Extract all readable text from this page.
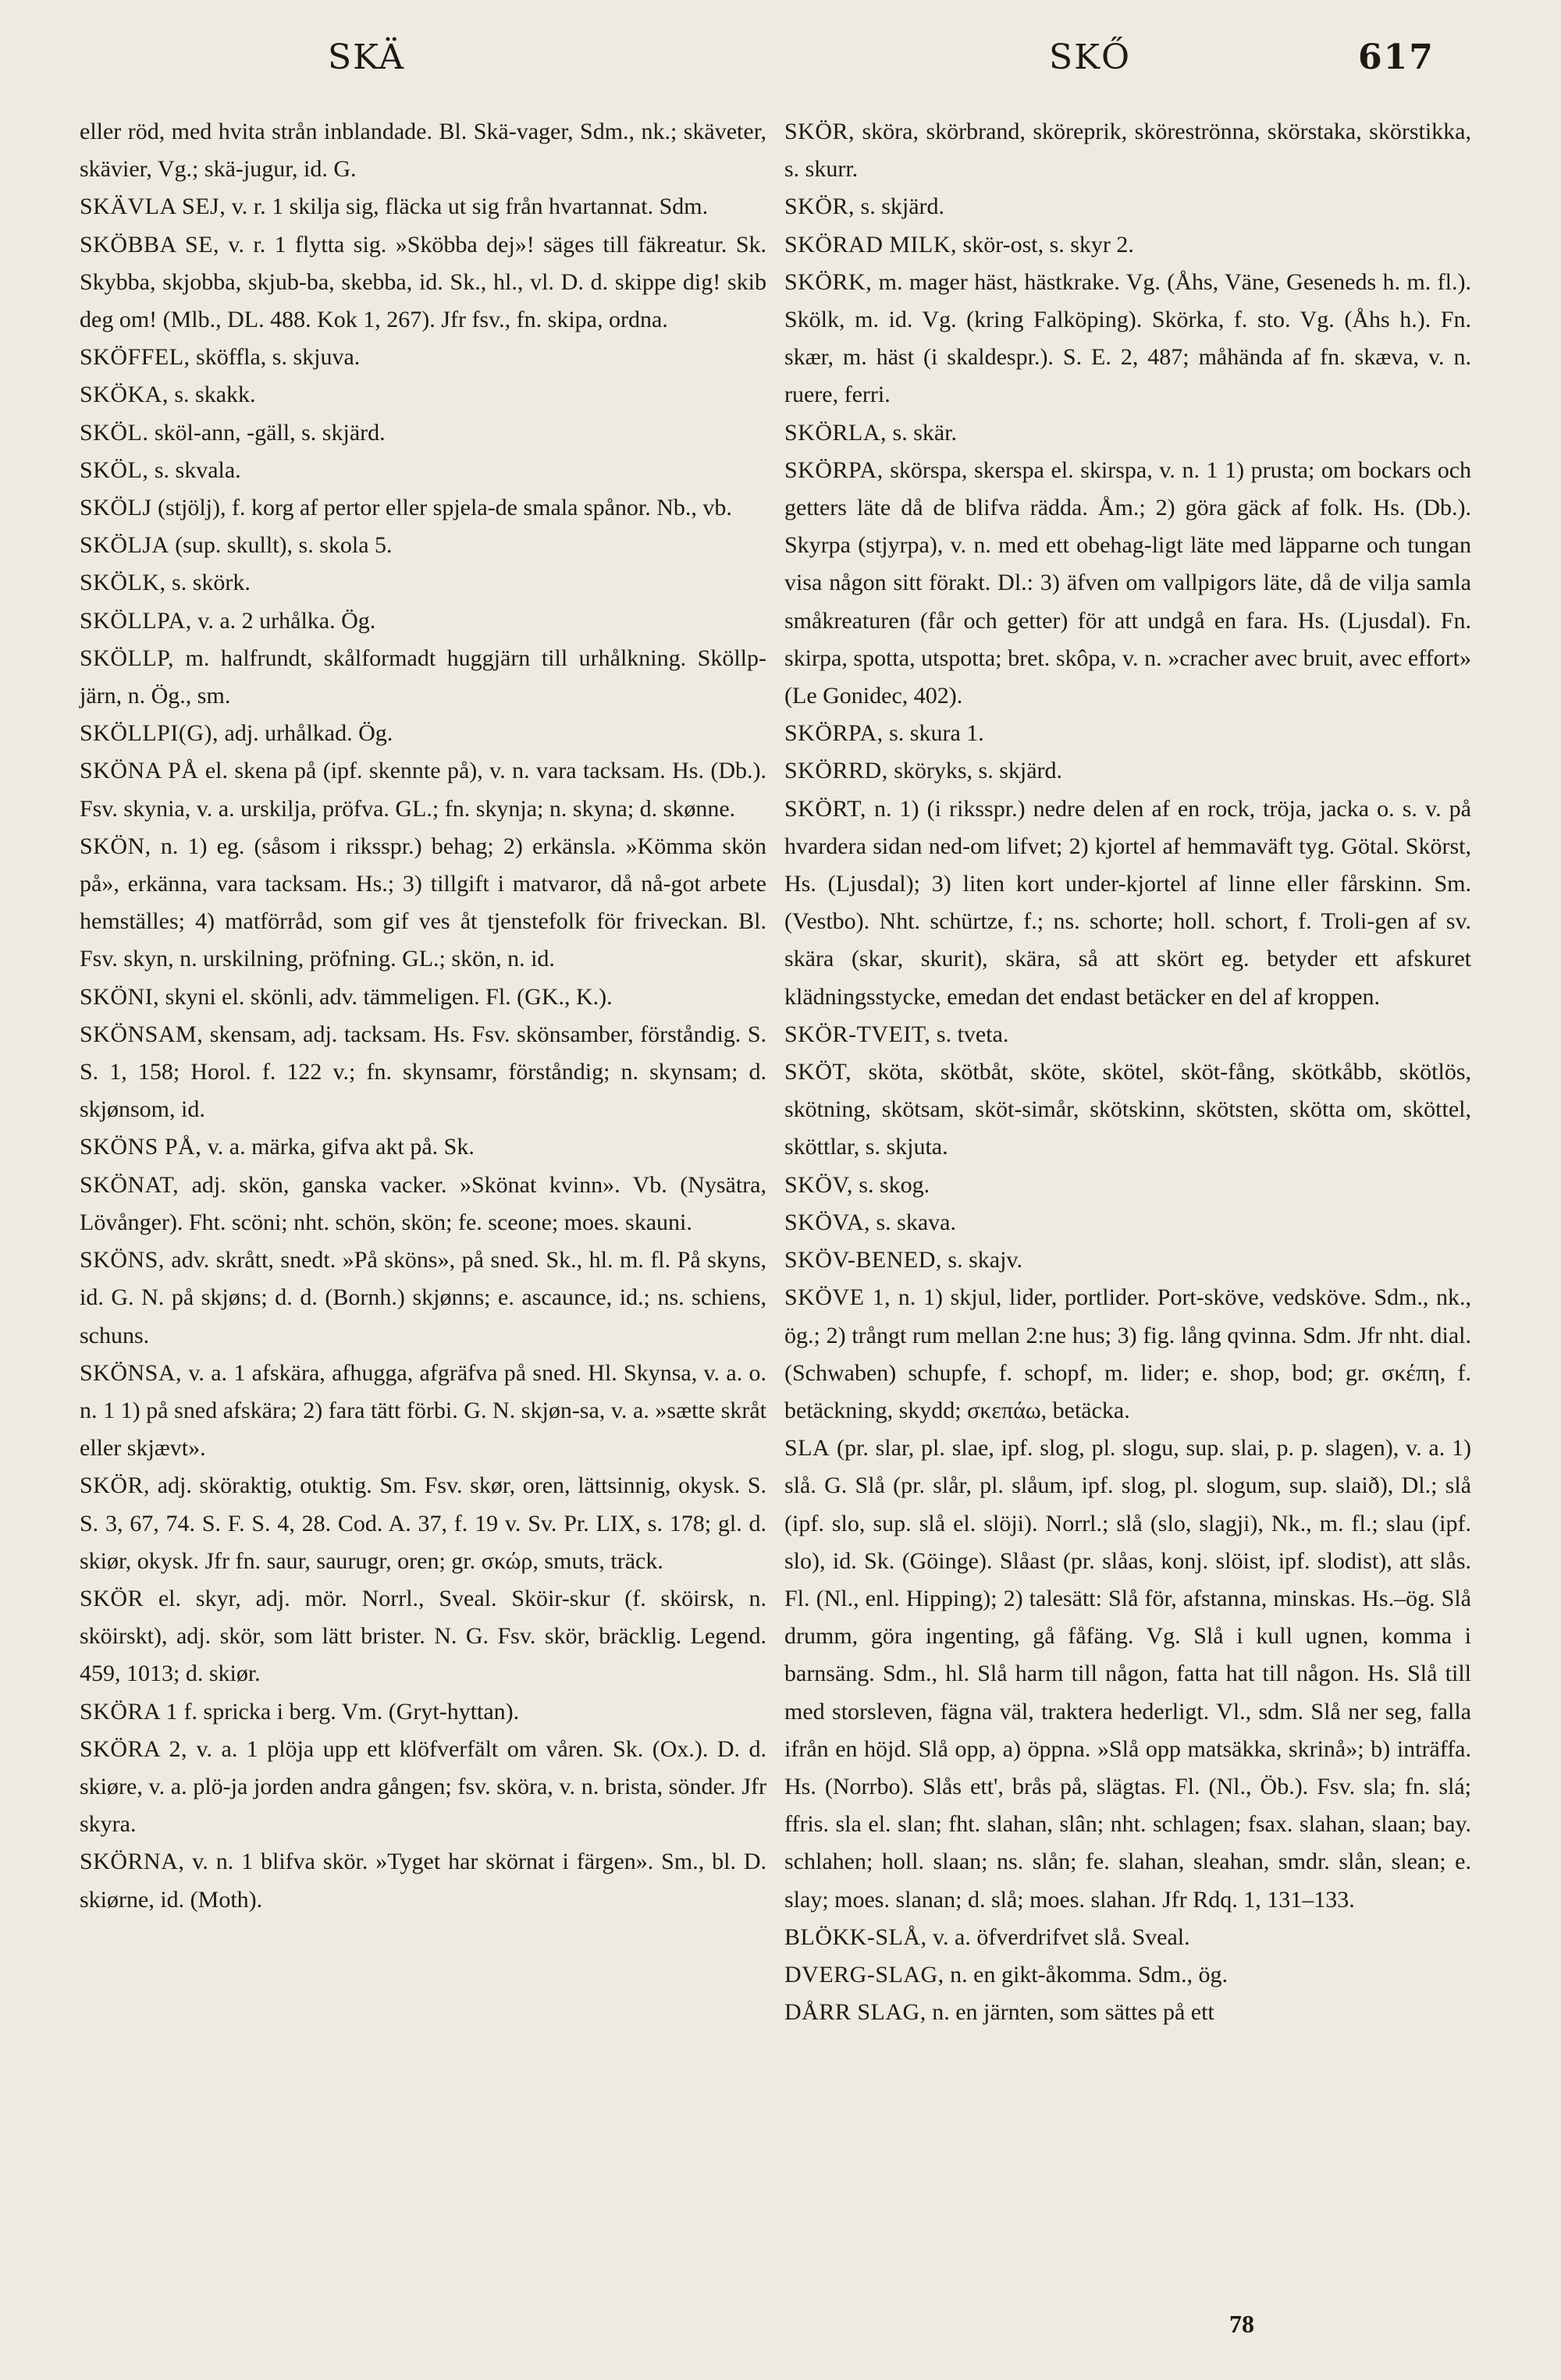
SKÄ	SKŐ	617

eller röd, med hvita strån inblandade. Bl. Skä-vager, Sdm., nk.; skäveter, skävier, Vg.; skä-jugur, id. G.

SKÄVLA SEJ, v. r. 1 skilja sig, fläcka ut sig från hvartannat. Sdm.

SKÖBBA SE, v. r. 1 flytta sig. »Sköbba dej»! säges till fäkreatur. Sk. Skybba, skjobba, skjub-ba, skebba, id. Sk., hl., vl. D. d. skippe dig! skib deg om! (Mlb., DL. 488. Kok 1, 267). Jfr fsv., fn. skipa, ordna.

SKÖFFEL, sköffla, s. skjuva.

SKÖKA, s. skakk.

SKÖL. sköl-ann, -gäll, s. skjärd.

SKÖL, s. skvala.

SKÖLJ (stjölj), f. korg af pertor eller spjela-de smala spånor. Nb., vb.

SKÖLJA (sup. skullt), s. skola 5.

SKÖLK, s. skörk.

SKÖLLPA, v. a. 2 urhålka. Ög.

SKÖLLP, m. halfrundt, skålformadt huggjärn till urhålkning. Sköllp-järn, n. Ög., sm.

SKÖLLPI(G), adj. urhålkad. Ög.

SKÖNA PÅ el. skena på (ipf. skennte på), v. n. vara tacksam. Hs. (Db.). Fsv. skynia, v. a. urskilja, pröfva. GL.; fn. skynja; n. skyna; d. skønne.

SKÖN, n. 1) eg. (såsom i riksspr.) behag; 2) erkänsla. »Kömma skön på», erkänna, vara tacksam. Hs.; 3) tillgift i matvaror, då nå-got arbete hemställes; 4) matförråd, som gif ves åt tjenstefolk för friveckan. Bl. Fsv. skyn, n. urskilning, pröfning. GL.; skön, n. id.

SKÖNI, skyni el. skönli, adv. tämmeligen. Fl. (GK., K.).

SKÖNSAM, skensam, adj. tacksam. Hs. Fsv. skönsamber, förståndig. S. S. 1, 158; Horol. f. 122 v.; fn. skynsamr, förståndig; n. skynsam; d. skjønsom, id.

SKÖNS PÅ, v. a. märka, gifva akt på. Sk.

SKÖNAT, adj. skön, ganska vacker. »Skönat kvinn». Vb. (Nysätra, Lövånger). Fht. scöni; nht. schön, skön; fe. sceone; moes. skauni.

SKÖNS, adv. skrått, snedt. »På sköns», på sned. Sk., hl. m. fl. På skyns, id. G. N. på skjøns; d. d. (Bornh.) skjønns; e. ascaunce, id.; ns. schiens, schuns.

SKÖNSA, v. a. 1 afskära, afhugga, afgräfva på sned. Hl. Skynsa, v. a. o. n. 1 1) på sned afskära; 2) fara tätt förbi. G. N. skjøn-sa, v. a. »sætte skråt eller skjævt».

SKÖR, adj. sköraktig, otuktig. Sm. Fsv. skør, oren, lättsinnig, okysk. S. S. 3, 67, 74. S. F. S. 4, 28. Cod. A. 37, f. 19 v. Sv. Pr. LIX, s. 178; gl. d. skiør, okysk. Jfr fn. saur, saurugr, oren; gr. σκώρ, smuts, träck.

SKÖR el. skyr, adj. mör. Norrl., Sveal. Sköir-skur (f. sköirsk, n. sköirskt), adj. skör, som lätt brister. N. G. Fsv. skör, bräcklig. Legend. 459, 1013; d. skiør.

SKÖRA 1 f. spricka i berg. Vm. (Gryt-hyttan).

SKÖRA 2, v. a. 1 plöja upp ett klöfverfält om våren. Sk. (Ox.). D. d. skiøre, v. a. plö-ja jorden andra gången; fsv. sköra, v. n. brista, sönder. Jfr skyra.

SKÖRNA, v. n. 1 blifva skör. »Tyget har skörnat i färgen». Sm., bl. D. skiørne, id. (Moth).

SKÖR, sköra, skörbrand, sköreprik, sköreströnna, skörstaka, skörstikka, s. skurr.

SKÖR, s. skjärd.

SKÖRAD MILK, skör-ost, s. skyr 2.

SKÖRK, m. mager häst, hästkrake. Vg. (Åhs, Väne, Geseneds h. m. fl.). Skölk, m. id. Vg. (kring Falköping). Skörka, f. sto. Vg. (Åhs h.). Fn. skær, m. häst (i skaldespr.). S. E. 2, 487; måhända af fn. skæva, v. n. ruere, ferri.

SKÖRLA, s. skär.

SKÖRPA, skörspa, skerspa el. skirspa, v. n. 1 1) prusta; om bockars och getters läte då de blifva rädda. Åm.; 2) göra gäck af folk. Hs. (Db.). Skyrpa (stjyrpa), v. n. med ett obehag-ligt läte med läpparne och tungan visa någon sitt förakt. Dl.: 3) äfven om vallpigors läte, då de vilja samla småkreaturen (får och getter) för att undgå en fara. Hs. (Ljusdal). Fn. skirpa, spotta, utspotta; bret. skôpa, v. n. »cracher avec bruit, avec effort» (Le Gonidec, 402).

SKÖRPA, s. skura 1.

SKÖRRD, sköryks, s. skjärd.

SKÖRT, n. 1) (i riksspr.) nedre delen af en rock, tröja, jacka o. s. v. på hvardera sidan ned-om lifvet; 2) kjortel af hemmaväft tyg. Götal. Skörst, Hs. (Ljusdal); 3) liten kort under-kjortel af linne eller fårskinn. Sm. (Vestbo). Nht. schürtze, f.; ns. schorte; holl. schort, f. Troli-gen af sv. skära (skar, skurit), skära, så att skört eg. betyder ett afskuret klädningsstycke, emedan det endast betäcker en del af kroppen.

SKÖR-TVEIT, s. tveta.

SKÖT, sköta, skötbåt, sköte, skötel, sköt-fång, skötkåbb, skötlös, skötning, skötsam, sköt-simår, skötskinn, skötsten, skötta om, sköttel, sköttlar, s. skjuta.

SKÖV, s. skog.

SKÖVA, s. skava.

SKÖV-BENED, s. skajv.

SKÖVE 1, n. 1) skjul, lider, portlider. Port-sköve, vedsköve. Sdm., nk., ög.; 2) trångt rum mellan 2:ne hus; 3) fig. lång qvinna. Sdm. Jfr nht. dial. (Schwaben) schupfe, f. schopf, m. lider; e. shop, bod; gr. σκέπη, f. betäckning, skydd; σκεπάω, betäcka.

SLA (pr. slar, pl. slae, ipf. slog, pl. slogu, sup. slai, p. p. slagen), v. a. 1) slå. G. Slå (pr. slår, pl. slåum, ipf. slog, pl. slogum, sup. slaið), Dl.; slå (ipf. slo, sup. slå el. slöji). Norrl.; slå (slo, slagji), Nk., m. fl.; slau (ipf. slo), id. Sk. (Göinge). Slåast (pr. slåas, konj. slöist, ipf. slodist), att slås. Fl. (Nl., enl. Hipping); 2) talesätt: Slå för, afstanna, minskas. Hs.–ög. Slå drumm, göra ingenting, gå fåfäng. Vg. Slå i kull ugnen, komma i barnsäng. Sdm., hl. Slå harm till någon, fatta hat till någon. Hs. Slå till med storsleven, fägna väl, traktera hederligt. Vl., sdm. Slå ner seg, falla ifrån en höjd. Slå opp, a) öppna. »Slå opp matsäkka, skrinå»; b) inträffa. Hs. (Norrbo). Slås ett', brås på, slägtas. Fl. (Nl., Öb.). Fsv. sla; fn. slá; ffris. sla el. slan; fht. slahan, slân; nht. schlagen; fsax. slahan, slaan; bay. schlahen; holl. slaan; ns. slån; fe. slahan, sleahan, smdr. slån, slean; e. slay; moes. slanan; d. slå; moes. slahan. Jfr Rdq. 1, 131–133.

BLÖKK-SLÅ, v. a. öfverdrifvet slå. Sveal.

DVERG-SLAG, n. en gikt-åkomma. Sdm., ög.

DÅRR SLAG, n. en järnten, som sättes på ett

78
